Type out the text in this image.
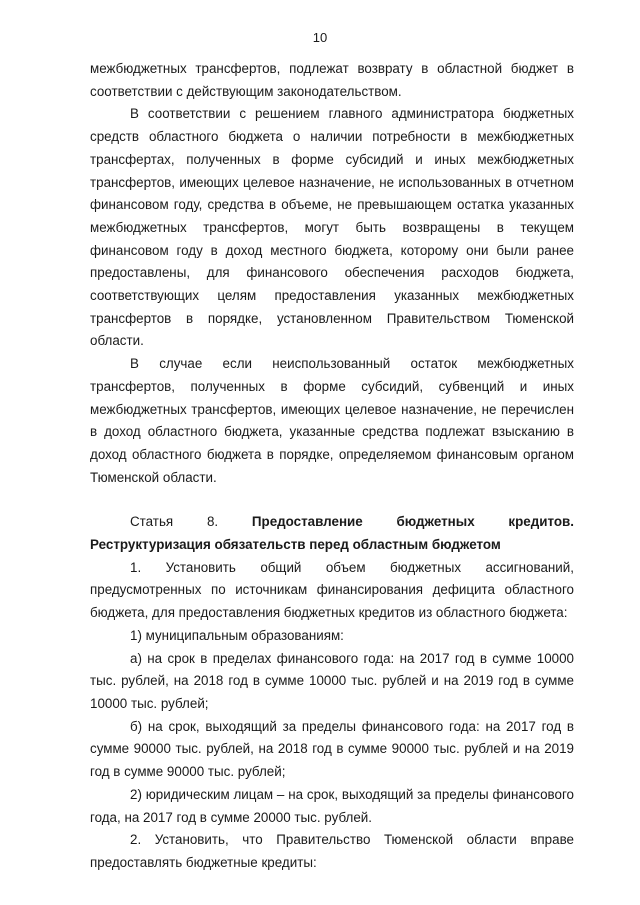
10

межбюджетных трансфертов, подлежат возврату в областной бюджет в соответствии с действующим законодательством.

В соответствии с решением главного администратора бюджетных средств областного бюджета о наличии потребности в межбюджетных трансфертах, полученных в форме субсидий и иных межбюджетных трансфертов, имеющих целевое назначение, не использованных в отчетном финансовом году, средства в объеме, не превышающем остатка указанных межбюджетных трансфертов, могут быть возвращены в текущем финансовом году в доход местного бюджета, которому они были ранее предоставлены, для финансового обеспечения расходов бюджета, соответствующих целям предоставления указанных межбюджетных трансфертов в порядке, установленном Правительством Тюменской области.

В случае если неиспользованный остаток межбюджетных трансфертов, полученных в форме субсидий, субвенций и иных межбюджетных трансфертов, имеющих целевое назначение, не перечислен в доход областного бюджета, указанные средства подлежат взысканию в доход областного бюджета в порядке, определяемом финансовым органом Тюменской области.

Статья 8.	Предоставление бюджетных кредитов. Реструктуризация обязательств перед областным бюджетом

1. Установить общий объем бюджетных ассигнований, предусмотренных по источникам финансирования дефицита областного бюджета, для предоставления бюджетных кредитов из областного бюджета:

1) муниципальным образованиям:

а) на срок в пределах финансового года: на 2017 год в сумме 10000 тыс. рублей, на 2018 год в сумме 10000 тыс. рублей и на 2019 год в сумме 10000 тыс. рублей;

б) на срок, выходящий за пределы финансового года: на 2017 год в сумме 90000 тыс. рублей, на 2018 год в сумме 90000 тыс. рублей и на 2019 год в сумме 90000 тыс. рублей;

2) юридическим лицам – на срок, выходящий за пределы финансового года, на 2017 год в сумме 20000 тыс. рублей.

2. Установить, что Правительство Тюменской области вправе предоставлять бюджетные кредиты:
